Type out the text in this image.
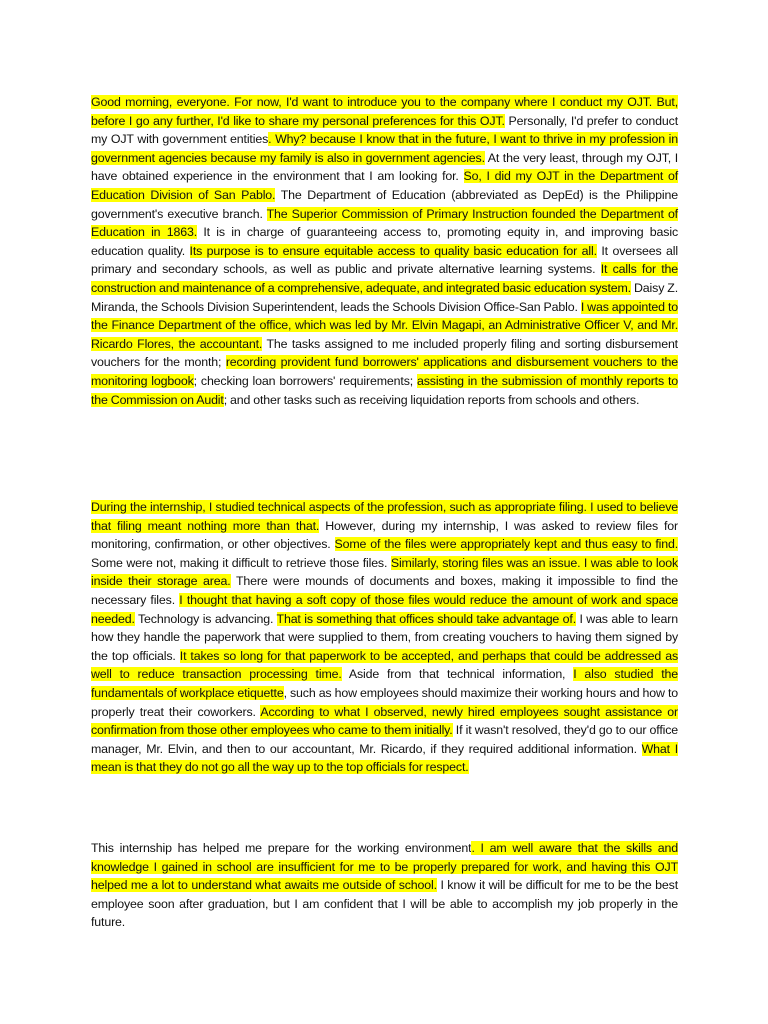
Good morning, everyone. For now, I'd want to introduce you to the company where I conduct my OJT. But, before I go any further, I'd like to share my personal preferences for this OJT. Personally, I'd prefer to conduct my OJT with government entities. Why? because I know that in the future, I want to thrive in my profession in government agencies because my family is also in government agencies. At the very least, through my OJT, I have obtained experience in the environment that I am looking for. So, I did my OJT in the Department of Education Division of San Pablo. The Department of Education (abbreviated as DepEd) is the Philippine government's executive branch. The Superior Commission of Primary Instruction founded the Department of Education in 1863. It is in charge of guaranteeing access to, promoting equity in, and improving basic education quality. Its purpose is to ensure equitable access to quality basic education for all. It oversees all primary and secondary schools, as well as public and private alternative learning systems. It calls for the construction and maintenance of a comprehensive, adequate, and integrated basic education system. Daisy Z. Miranda, the Schools Division Superintendent, leads the Schools Division Office-San Pablo. I was appointed to the Finance Department of the office, which was led by Mr. Elvin Magapi, an Administrative Officer V, and Mr. Ricardo Flores, the accountant. The tasks assigned to me included properly filing and sorting disbursement vouchers for the month; recording provident fund borrowers' applications and disbursement vouchers to the monitoring logbook; checking loan borrowers' requirements; assisting in the submission of monthly reports to the Commission on Audit; and other tasks such as receiving liquidation reports from schools and others.
During the internship, I studied technical aspects of the profession, such as appropriate filing. I used to believe that filing meant nothing more than that. However, during my internship, I was asked to review files for monitoring, confirmation, or other objectives. Some of the files were appropriately kept and thus easy to find. Some were not, making it difficult to retrieve those files. Similarly, storing files was an issue. I was able to look inside their storage area. There were mounds of documents and boxes, making it impossible to find the necessary files. I thought that having a soft copy of those files would reduce the amount of work and space needed. Technology is advancing. That is something that offices should take advantage of. I was able to learn how they handle the paperwork that were supplied to them, from creating vouchers to having them signed by the top officials. It takes so long for that paperwork to be accepted, and perhaps that could be addressed as well to reduce transaction processing time. Aside from that technical information, I also studied the fundamentals of workplace etiquette, such as how employees should maximize their working hours and how to properly treat their coworkers. According to what I observed, newly hired employees sought assistance or confirmation from those other employees who came to them initially. If it wasn't resolved, they'd go to our office manager, Mr. Elvin, and then to our accountant, Mr. Ricardo, if they required additional information. What I mean is that they do not go all the way up to the top officials for respect.
This internship has helped me prepare for the working environment. I am well aware that the skills and knowledge I gained in school are insufficient for me to be properly prepared for work, and having this OJT helped me a lot to understand what awaits me outside of school. I know it will be difficult for me to be the best employee soon after graduation, but I am confident that I will be able to accomplish my job properly in the future.
